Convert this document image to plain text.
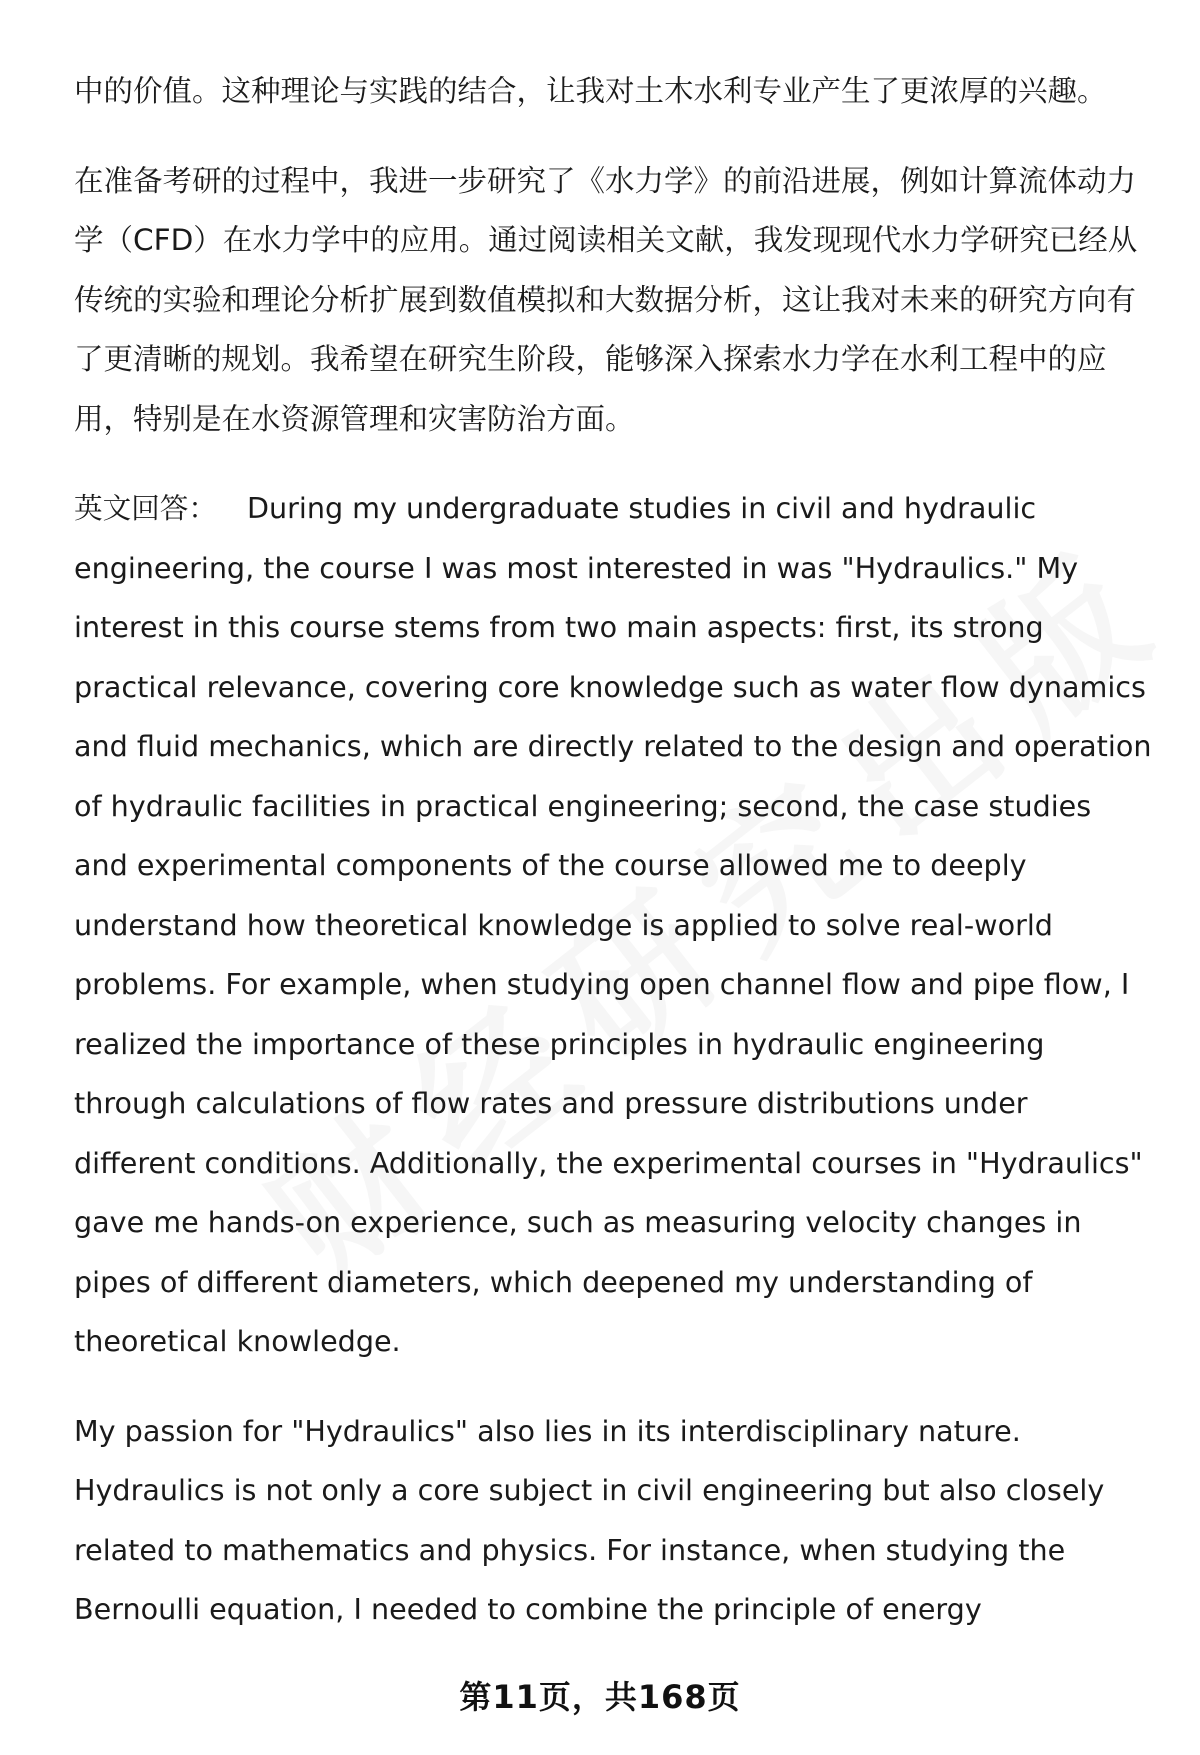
中的价值。这种理论与实践的结合，让我对土木水利专业产生了更浓厚的兴趣。

在准备考研的过程中，我进一步研究了《水力学》的前沿进展，例如计算流体动力学（CFD）在水力学中的应用。通过阅读相关文献，我发现现代水力学研究已经从传统的实验和理论分析扩展到数值模拟和大数据分析，这让我对未来的研究方向有了更清晰的规划。我希望在研究生阶段，能够深入探索水力学在水利工程中的应用，特别是在水资源管理和灾害防治方面。

英文回答： During my undergraduate studies in civil and hydraulic engineering, the course I was most interested in was "Hydraulics." My interest in this course stems from two main aspects: first, its strong practical relevance, covering core knowledge such as water flow dynamics and fluid mechanics, which are directly related to the design and operation of hydraulic facilities in practical engineering; second, the case studies and experimental components of the course allowed me to deeply understand how theoretical knowledge is applied to solve real-world problems. For example, when studying open channel flow and pipe flow, I realized the importance of these principles in hydraulic engineering through calculations of flow rates and pressure distributions under different conditions. Additionally, the experimental courses in "Hydraulics" gave me hands-on experience, such as measuring velocity changes in pipes of different diameters, which deepened my understanding of theoretical knowledge.

My passion for "Hydraulics" also lies in its interdisciplinary nature. Hydraulics is not only a core subject in civil engineering but also closely related to mathematics and physics. For instance, when studying the Bernoulli equation, I needed to combine the principle of energy

第11页，共168页
